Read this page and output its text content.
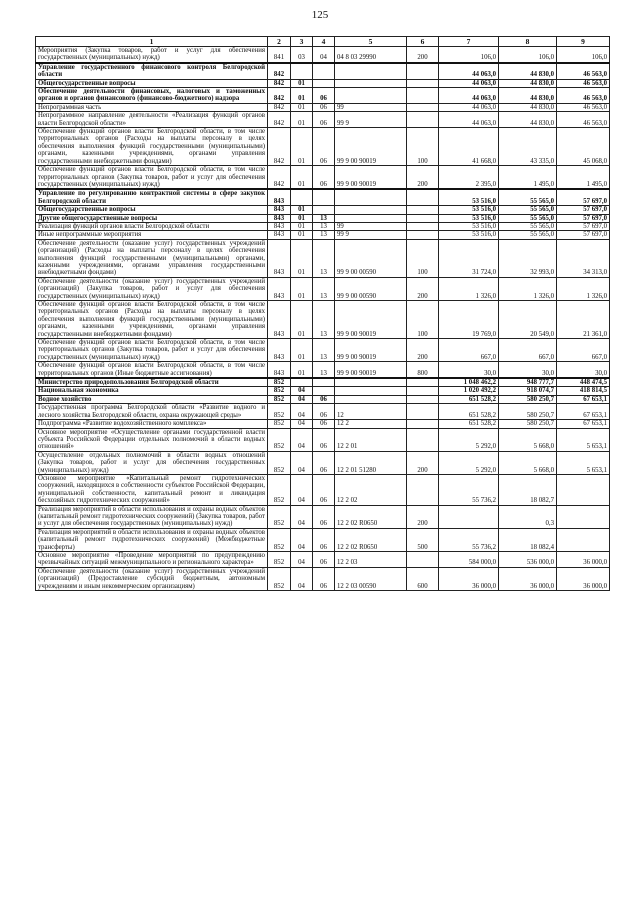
125
1	2	3	4	5	6	7	8	9
Мероприятия (Закупка товаров, работ и услуг для обеспечения государственных (муниципальных) нужд)	841	03	04	04 8 03 29990	200	106,0	106,0	106,0
Управление государственного финансового контроля Белгородской области	842					44 063,0	44 830,0	46 563,0
Общегосударственные вопросы	842	01				44 063,0	44 830,0	46 563,0
Обеспечение деятельности финансовых, налоговых и таможенных органов и органов финансового (финансово-бюджетного) надзора	842	01	06			44 063,0	44 830,0	46 563,0
Непрограммная часть	842	01	06	99		44 063,0	44 830,0	46 563,0
Непрограммное направление деятельности «Реализация функций органов власти Белгородской области»	842	01	06	99 9		44 063,0	44 830,0	46 563,0
Обеспечение функций органов власти Белгородской области, в том числе территориальных органов (Расходы на выплаты персоналу в целях обеспечения выполнения функций государственными (муниципальными) органами, казенными учреждениями, органами управления государственными внебюджетными фондами)	842	01	06	99 9 00 90019	100	41 668,0	43 335,0	45 068,0
Обеспечение функций органов власти Белгородской области, в том числе территориальных органов (Закупка товаров, работ и услуг для обеспечения государственных (муниципальных) нужд)	842	01	06	99 9 00 90019	200	2 395,0	1 495,0	1 495,0
Управление по регулированию контрактной системы в сфере закупок Белгородской области	843					53 516,0	55 565,0	57 697,0
Общегосударственные вопросы	843	01				53 516,0	55 565,0	57 697,0
Другие общегосударственные вопросы	843	01	13			53 516,0	55 565,0	57 697,0
Реализация функций органов власти Белгородской области	843	01	13	99		53 516,0	55 565,0	57 697,0
Иные непрограммные мероприятия	843	01	13	99 9		53 516,0	55 565,0	57 697,0
Обеспечение деятельности (оказание услуг) государственных учреждений (организаций) (Расходы на выплаты персоналу в целях обеспечения выполнения функций государственными (муниципальными) органами, казенными учреждениями, органами управления государственными внебюджетными фондами)	843	01	13	99 9 00 00590	100	31 724,0	32 993,0	34 313,0
Обеспечение деятельности (оказание услуг) государственных учреждений (организаций) (Закупка товаров, работ и услуг для обеспечения государственных (муниципальных) нужд)	843	01	13	99 9 00 00590	200	1 326,0	1 326,0	1 326,0
Обеспечение функций органов власти Белгородской области, в том числе территориальных органов (Расходы на выплаты персоналу в целях обеспечения выполнения функций государственными (муниципальными) органами, казенными учреждениями, органами управления государственными внебюджетными фондами)	843	01	13	99 9 00 90019	100	19 769,0	20 549,0	21 361,0
Обеспечение функций органов власти Белгородской области, в том числе территориальных органов (Закупка товаров, работ и услуг для обеспечения государственных (муниципальных) нужд)	843	01	13	99 9 00 90019	200	667,0	667,0	667,0
Обеспечение функций органов власти Белгородской области, в том числе территориальных органов (Иные бюджетные ассигнования)	843	01	13	99 9 00 90019	800	30,0	30,0	30,0
Министерство природопользования Белгородской области	852					1 048 462,2	948 777,7	448 474,5
Национальная экономика	852	04				1 020 492,2	918 074,7	418 814,5
Водное хозяйство	852	04	06			651 528,2	580 250,7	67 653,1
Государственная программа Белгородской области «Развитие водного и лесного хозяйства Белгородской области, охрана окружающей среды»	852	04	06	12		651 528,2	580 250,7	67 653,1
Подпрограмма «Развитие водохозяйственного комплекса»	852	04	06	12 2		651 528,2	580 250,7	67 653,1
Основное мероприятие «Осуществление органами государственной власти субъекта Российской Федерации отдельных полномочий в области водных отношений»	852	04	06	12 2 01		5 292,0	5 668,0	5 653,1
Осуществление отдельных полномочий в области водных отношений (Закупка товаров, работ и услуг для обеспечения государственных (муниципальных) нужд)	852	04	06	12 2 01 51280	200	5 292,0	5 668,0	5 653,1
Основное мероприятие «Капитальный ремонт гидротехнических сооружений, находящихся в собственности субъектов Российской Федерации, муниципальной собственности, капитальный ремонт и ликвидация бесхозяйных гидротехнических сооружений»	852	04	06	12 2 02		55 736,2	18 082,7	
Реализация мероприятий в области использования и охраны водных объектов (капитальный ремонт гидротехнических сооружений) (Закупка товаров, работ и услуг для обеспечения государственных (муниципальных) нужд)	852	04	06	12 2 02 R0650	200		0,3	
Реализация мероприятий в области использования и охраны водных объектов (капитальный ремонт гидротехнических сооружений) (Межбюджетные трансферты)	852	04	06	12 2 02 R0650	500	55 736,2	18 082,4	
Основное мероприятие «Проведение мероприятий по предупреждению чрезвычайных ситуаций межмуниципального и регионального характера»	852	04	06	12 2 03		584 000,0	536 000,0	36 000,0
Обеспечение деятельности (оказание услуг) государственных учреждений (организаций) (Предоставление субсидий бюджетным, автономным учреждениям и иным некоммерческим организациям)	852	04	06	12 2 03 00590	600	36 000,0	36 000,0	36 000,0
